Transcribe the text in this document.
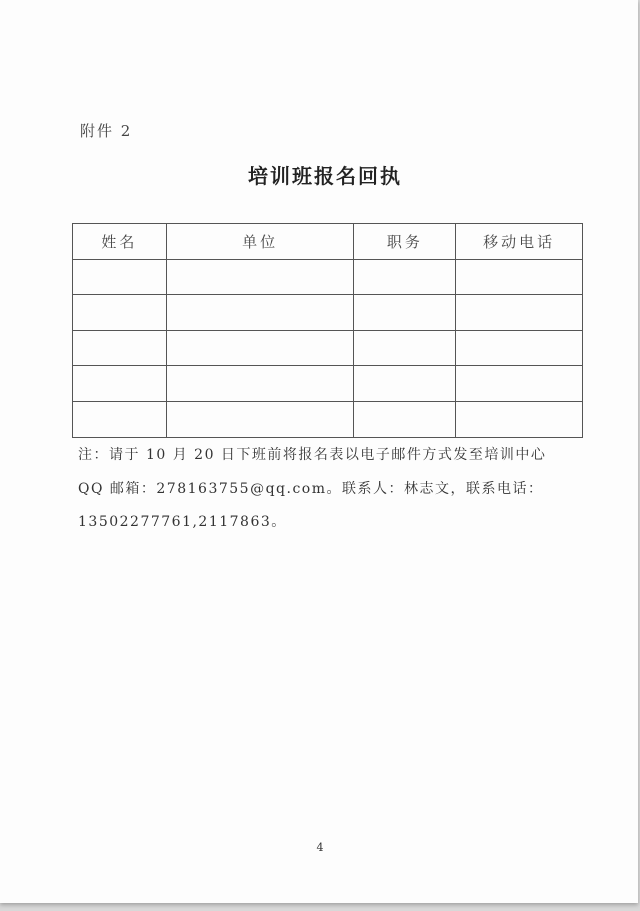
附件 2
培训班报名回执
姓名	单位	职务	移动电话

注：请于 10 月 20 日下班前将报名表以电子邮件方式发至培训中心
QQ 邮箱：278163755@qq.com。联系人：林志文，联系电话：
13502277761,2117863。
4
